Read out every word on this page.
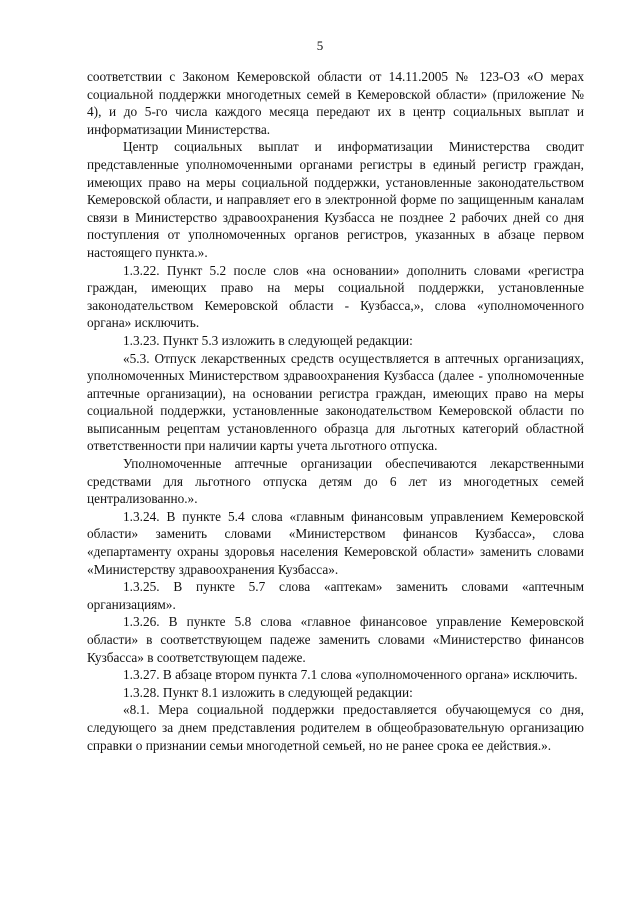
5

соответствии с Законом Кемеровской области от 14.11.2005 № 123-ОЗ «О мерах социальной поддержки многодетных семей в Кемеровской области» (приложение № 4), и до 5-го числа каждого месяца передают их в центр социальных выплат и информатизации Министерства.

Центр социальных выплат и информатизации Министерства сводит представленные уполномоченными органами регистры в единый регистр граждан, имеющих право на меры социальной поддержки, установленные законодательством Кемеровской области, и направляет его в электронной форме по защищенным каналам связи в Министерство здравоохранения Кузбасса не позднее 2 рабочих дней со дня поступления от уполномоченных органов регистров, указанных в абзаце первом настоящего пункта.».

1.3.22. Пункт 5.2 после слов «на основании» дополнить словами «регистра граждан, имеющих право на меры социальной поддержки, установленные законодательством Кемеровской области - Кузбасса,», слова «уполномоченного органа» исключить.

1.3.23. Пункт 5.3 изложить в следующей редакции:

«5.3. Отпуск лекарственных средств осуществляется в аптечных организациях, уполномоченных Министерством здравоохранения Кузбасса (далее - уполномоченные аптечные организации), на основании регистра граждан, имеющих право на меры социальной поддержки, установленные законодательством Кемеровской области по выписанным рецептам установленного образца для льготных категорий областной ответственности при наличии карты учета льготного отпуска.

Уполномоченные аптечные организации обеспечиваются лекарственными средствами для льготного отпуска детям до 6 лет из многодетных семей централизованно.».

1.3.24. В пункте 5.4 слова «главным финансовым управлением Кемеровской области» заменить словами «Министерством финансов Кузбасса», слова «департаменту охраны здоровья населения Кемеровской области» заменить словами «Министерству здравоохранения Кузбасса».

1.3.25. В пункте 5.7 слова «аптекам» заменить словами «аптечным организациям».

1.3.26. В пункте 5.8 слова «главное финансовое управление Кемеровской области» в соответствующем падеже заменить словами «Министерство финансов Кузбасса» в соответствующем падеже.

1.3.27. В абзаце втором пункта 7.1 слова «уполномоченного органа» исключить.

1.3.28. Пункт 8.1 изложить в следующей редакции:

«8.1. Мера социальной поддержки предоставляется обучающемуся со дня, следующего за днем представления родителем в общеобразовательную организацию справки о признании семьи многодетной семьей, но не ранее срока ее действия.».
